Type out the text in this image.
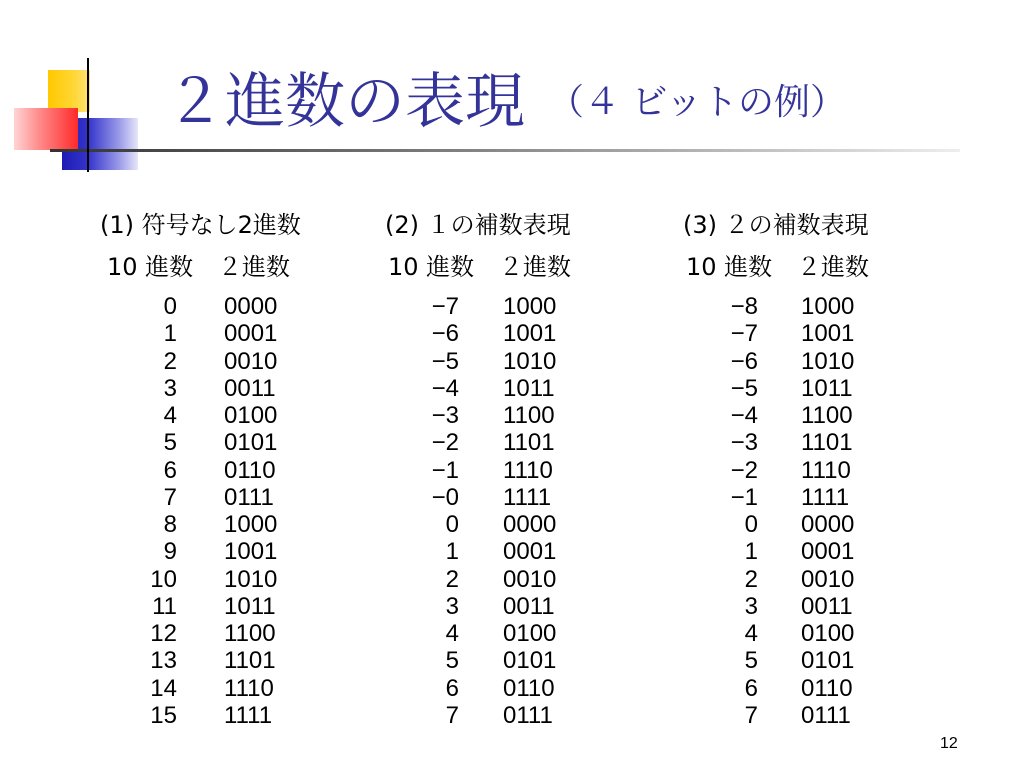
２進数の表現 （４ ビットの例）
(1) 符号なし2進数
10 進数 ２進数
0 0000
1 0001
2 0010
3 0011
4 0100
5 0101
6 0110
7 0111
8 1000
9 1001
10 1010
11 1011
12 1100
13 1101
14 1110
15 1111
(2) １の補数表現
10 進数 ２進数
−7 1000
−6 1001
−5 1010
−4 1011
−3 1100
−2 1101
−1 1110
−0 1111
0 0000
1 0001
2 0010
3 0011
4 0100
5 0101
6 0110
7 0111
(3) ２の補数表現
10 進数 ２進数
−8 1000
−7 1001
−6 1010
−5 1011
−4 1100
−3 1101
−2 1110
−1 1111
0 0000
1 0001
2 0010
3 0011
4 0100
5 0101
6 0110
7 0111
12
